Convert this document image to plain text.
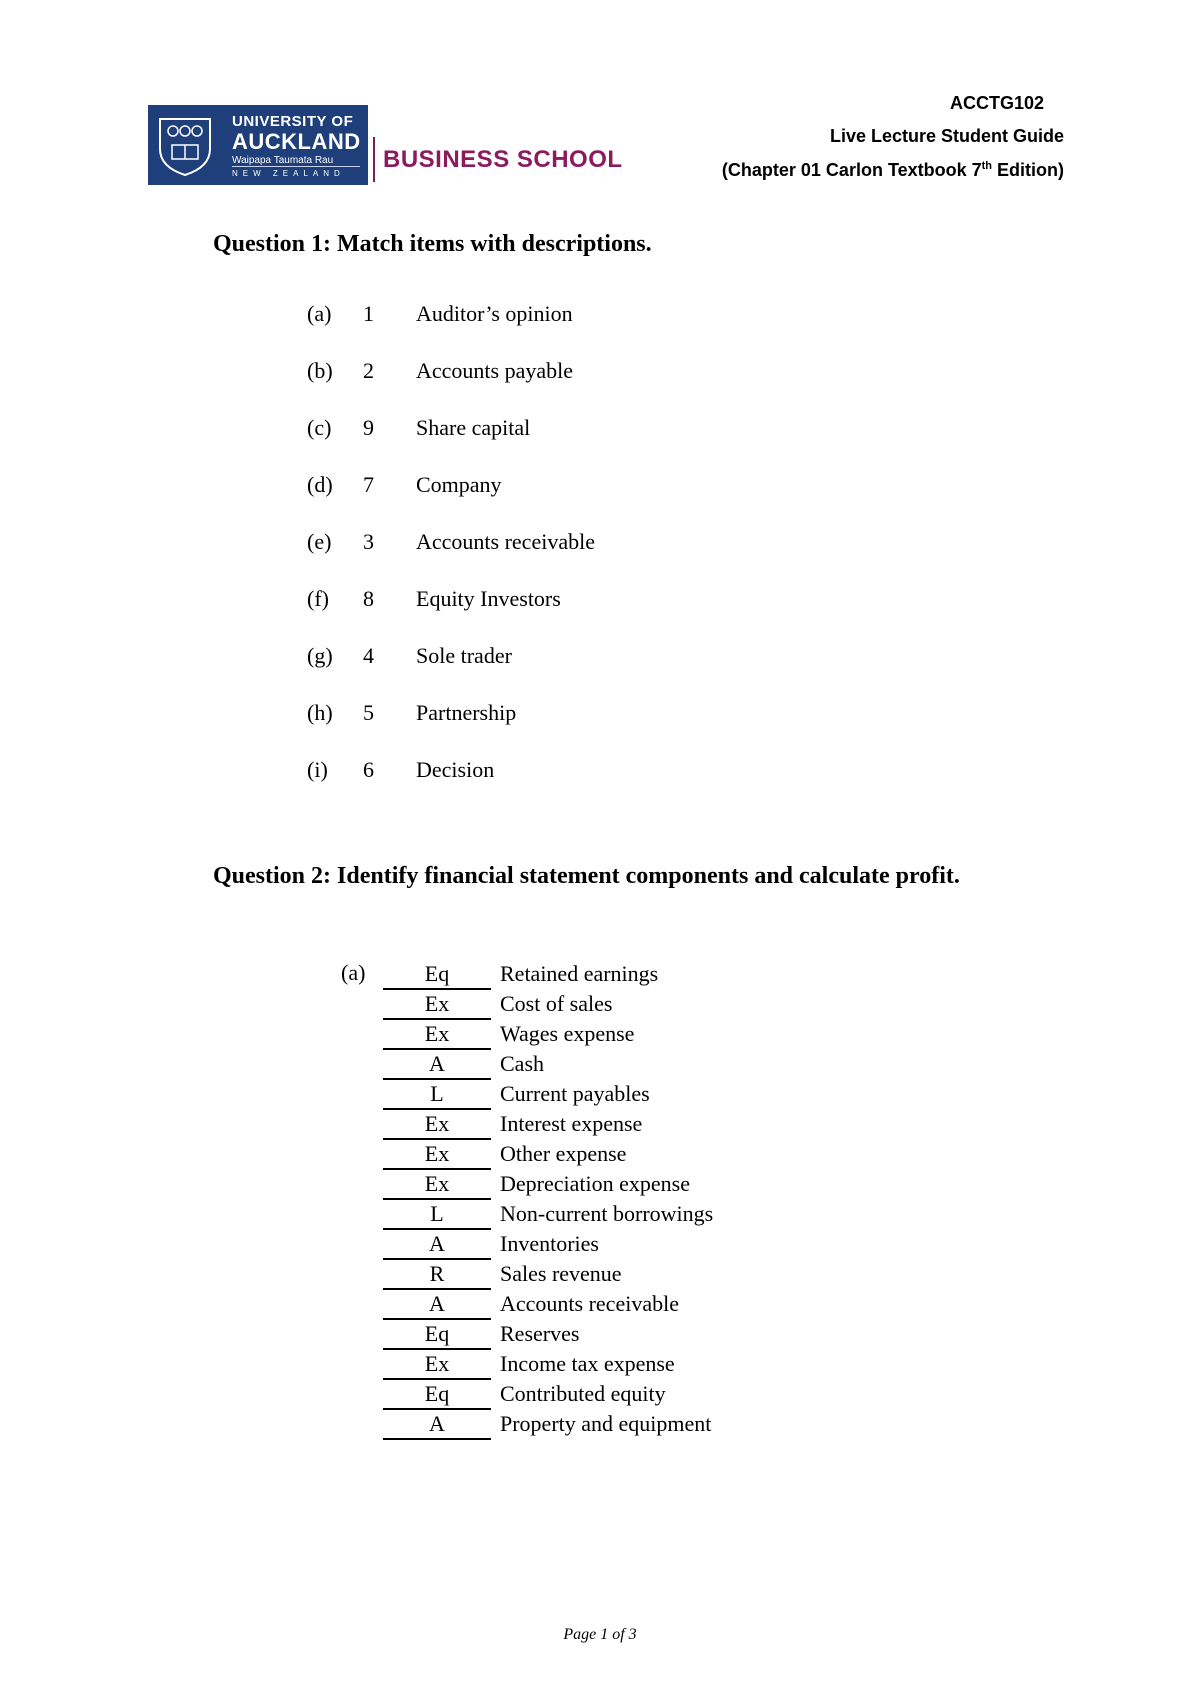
UNIVERSITY OF
AUCKLAND
Waipapa Taumata Rau
NEW ZEALAND
BUSINESS SCHOOL
ACCTG102
Live Lecture Student Guide
(Chapter 01 Carlon Textbook 7th Edition)
Question 1: Match items with descriptions.
(a) 1 Auditor’s opinion
(b) 2 Accounts payable
(c) 9 Share capital
(d) 7 Company
(e) 3 Accounts receivable
(f) 8 Equity Investors
(g) 4 Sole trader
(h) 5 Partnership
(i) 6 Decision
Question 2: Identify financial statement components and calculate profit.
(a)	Eq	Retained earnings
Ex	Cost of sales
Ex	Wages expense
A	Cash
L	Current payables
Ex	Interest expense
Ex	Other expense
Ex	Depreciation expense
L	Non-current borrowings
A	Inventories
R	Sales revenue
A	Accounts receivable
Eq	Reserves
Ex	Income tax expense
Eq	Contributed equity
A	Property and equipment
Page 1 of 3
